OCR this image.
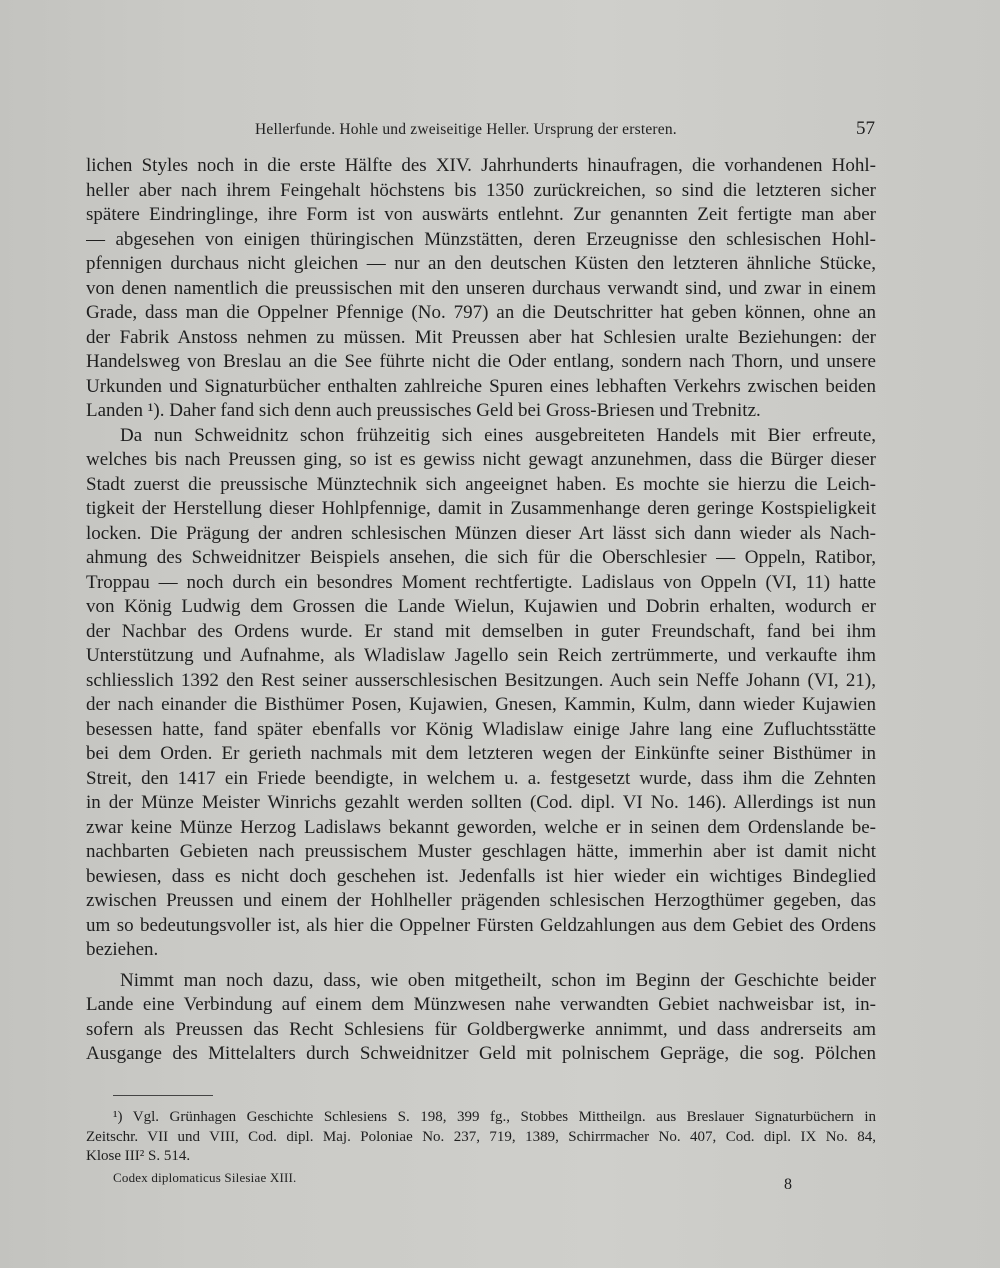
Hellerfunde. Hohle und zweiseitige Heller. Ursprung der ersteren.	57
lichen Styles noch in die erste Hälfte des XIV. Jahrhunderts hinaufragen, die vorhandenen Hohl-
heller aber nach ihrem Feingehalt höchstens bis 1350 zurückreichen, so sind die letzteren sicher
spätere Eindringlinge, ihre Form ist von auswärts entlehnt. Zur genannten Zeit fertigte man aber
— abgesehen von einigen thüringischen Münzstätten, deren Erzeugnisse den schlesischen Hohl-
pfennigen durchaus nicht gleichen — nur an den deutschen Küsten den letzteren ähnliche Stücke,
von denen namentlich die preussischen mit den unseren durchaus verwandt sind, und zwar in einem
Grade, dass man die Oppelner Pfennige (No. 797) an die Deutschritter hat geben können, ohne an
der Fabrik Anstoss nehmen zu müssen. Mit Preussen aber hat Schlesien uralte Beziehungen: der
Handelsweg von Breslau an die See führte nicht die Oder entlang, sondern nach Thorn, und unsere
Urkunden und Signaturbücher enthalten zahlreiche Spuren eines lebhaften Verkehrs zwischen beiden
Landen ¹). Daher fand sich denn auch preussisches Geld bei Gross-Briesen und Trebnitz.
Da nun Schweidnitz schon frühzeitig sich eines ausgebreiteten Handels mit Bier erfreute,
welches bis nach Preussen ging, so ist es gewiss nicht gewagt anzunehmen, dass die Bürger dieser
Stadt zuerst die preussische Münztechnik sich angeeignet haben. Es mochte sie hierzu die Leich-
tigkeit der Herstellung dieser Hohlpfennige, damit in Zusammenhange deren geringe Kostspieligkeit
locken. Die Prägung der andren schlesischen Münzen dieser Art lässt sich dann wieder als Nach-
ahmung des Schweidnitzer Beispiels ansehen, die sich für die Oberschlesier — Oppeln, Ratibor,
Troppau — noch durch ein besondres Moment rechtfertigte. Ladislaus von Oppeln (VI, 11) hatte
von König Ludwig dem Grossen die Lande Wielun, Kujawien und Dobrin erhalten, wodurch er
der Nachbar des Ordens wurde. Er stand mit demselben in guter Freundschaft, fand bei ihm
Unterstützung und Aufnahme, als Wladislaw Jagello sein Reich zertrümmerte, und verkaufte ihm
schliesslich 1392 den Rest seiner ausserschlesischen Besitzungen. Auch sein Neffe Johann (VI, 21),
der nach einander die Bisthümer Posen, Kujawien, Gnesen, Kammin, Kulm, dann wieder Kujawien
besessen hatte, fand später ebenfalls vor König Wladislaw einige Jahre lang eine Zufluchtsstätte
bei dem Orden. Er gerieth nachmals mit dem letzteren wegen der Einkünfte seiner Bisthümer in
Streit, den 1417 ein Friede beendigte, in welchem u. a. festgesetzt wurde, dass ihm die Zehnten
in der Münze Meister Winrichs gezahlt werden sollten (Cod. dipl. VI No. 146). Allerdings ist nun
zwar keine Münze Herzog Ladislaws bekannt geworden, welche er in seinen dem Ordenslande be-
nachbarten Gebieten nach preussischem Muster geschlagen hätte, immerhin aber ist damit nicht
bewiesen, dass es nicht doch geschehen ist. Jedenfalls ist hier wieder ein wichtiges Bindeglied
zwischen Preussen und einem der Hohlheller prägenden schlesischen Herzogthümer gegeben, das
um so bedeutungsvoller ist, als hier die Oppelner Fürsten Geldzahlungen aus dem Gebiet des Ordens
beziehen.
Nimmt man noch dazu, dass, wie oben mitgetheilt, schon im Beginn der Geschichte beider
Lande eine Verbindung auf einem dem Münzwesen nahe verwandten Gebiet nachweisbar ist, in-
sofern als Preussen das Recht Schlesiens für Goldbergwerke annimmt, und dass andrerseits am
Ausgange des Mittelalters durch Schweidnitzer Geld mit polnischem Gepräge, die sog. Pölchen
¹) Vgl. Grünhagen Geschichte Schlesiens S. 198, 399 fg., Stobbes Mittheilgn. aus Breslauer Signaturbüchern in
Zeitschr. VII und VIII, Cod. dipl. Maj. Poloniae No. 237, 719, 1389, Schirrmacher No. 407, Cod. dipl. IX No. 84,
Klose III² S. 514.
Codex diplomaticus Silesiae XIII.	8
